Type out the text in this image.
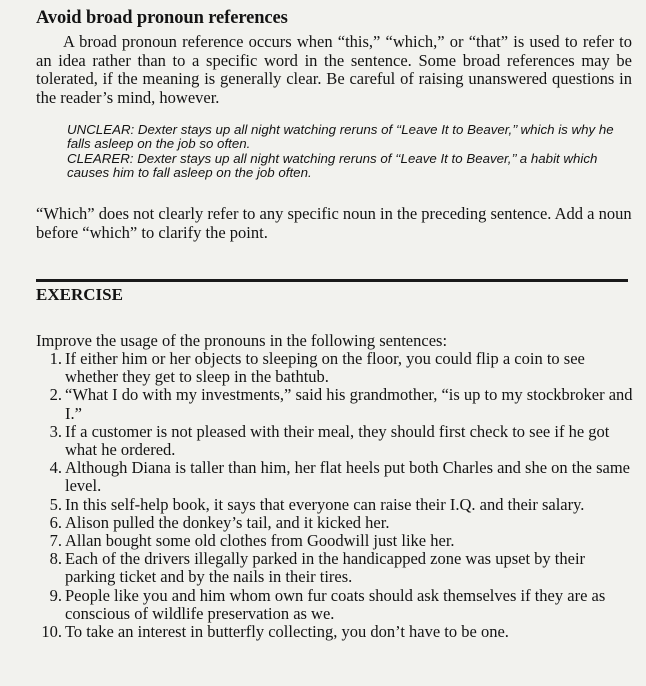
Avoid broad pronoun references
A broad pronoun reference occurs when “this,” “which,” or “that” is used to refer to an idea rather than to a specific word in the sentence. Some broad references may be tolerated, if the meaning is generally clear. Be careful of raising unanswered questions in the reader’s mind, however.

UNCLEAR: Dexter stays up all night watching reruns of ‘‘Leave It to Beaver,’’ which is why he falls asleep on the job so often.

CLEARER: Dexter stays up all night watching reruns of ‘‘Leave It to Beaver,’’ a habit which causes him to fall asleep on the job often.

“Which” does not clearly refer to any specific noun in the preceding sentence. Add a noun before “which” to clarify the point.
EXERCISE
Improve the usage of the pronouns in the following sentences:
1. If either him or her objects to sleeping on the floor, you could flip a coin to see whether they get to sleep in the bathtub.
2. “What I do with my investments,” said his grandmother, “is up to my stockbroker and I.”
3. If a customer is not pleased with their meal, they should first check to see if he got what he ordered.
4. Although Diana is taller than him, her flat heels put both Charles and she on the same level.
5. In this self-help book, it says that everyone can raise their I.Q. and their salary.
6. Alison pulled the donkey’s tail, and it kicked her.
7. Allan bought some old clothes from Goodwill just like her.
8. Each of the drivers illegally parked in the handicapped zone was upset by their parking ticket and by the nails in their tires.
9. People like you and him whom own fur coats should ask themselves if they are as conscious of wildlife preservation as we.
10. To take an interest in butterfly collecting, you don’t have to be one.
